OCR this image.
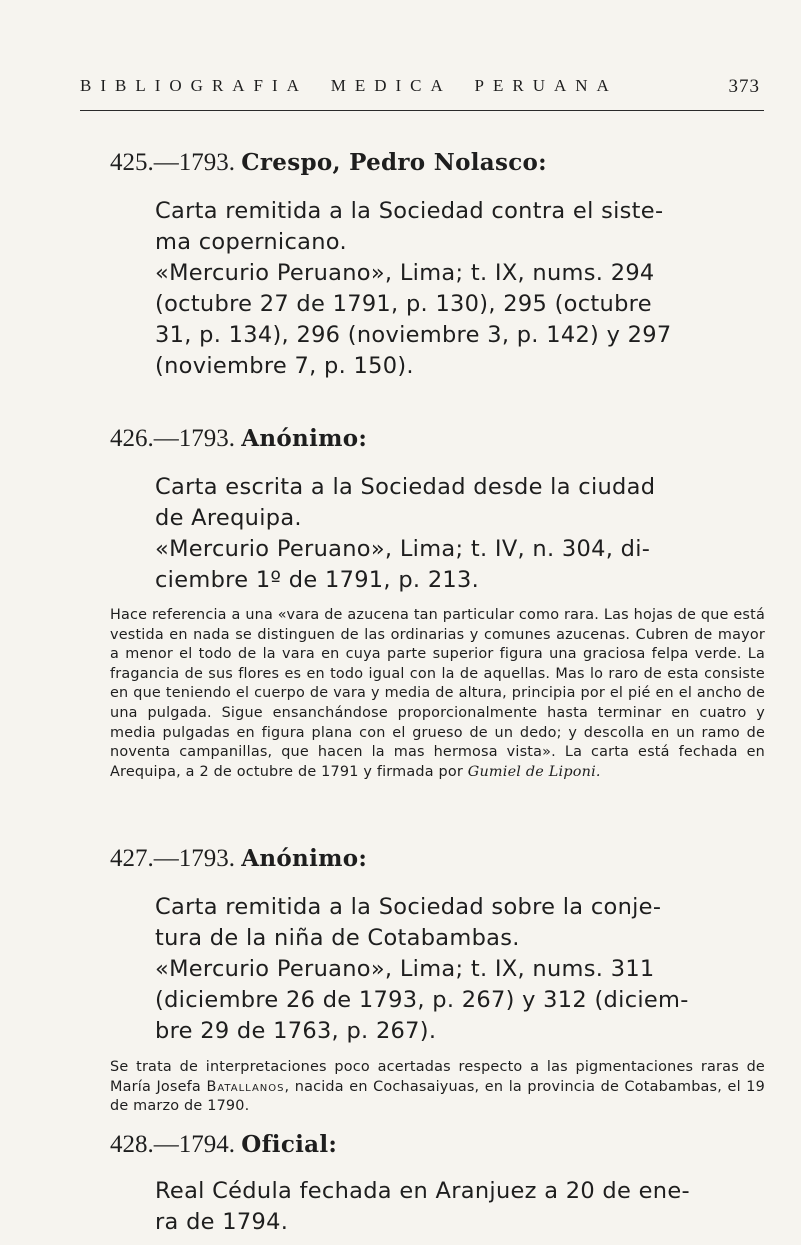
BIBLIOGRAFIA MEDICA PERUANA	373
425.—1793. Crespo, Pedro Nolasco:

Carta remitida a la Sociedad contra el siste-

ma copernicano.

«Mercurio Peruano», Lima; t. IX, nums. 294

(octubre 27 de 1791, p. 130), 295 (octubre

31, p. 134), 296 (noviembre 3, p. 142) y 297

(noviembre 7, p. 150).

426.—1793. Anónimo:

Carta escrita a la Sociedad desde la ciudad

de Arequipa.

«Mercurio Peruano», Lima; t. IV, n. 304, di-

ciembre 1º de 1791, p. 213.

Hace referencia a una «vara de azucena tan particular como rara. Las hojas de que está vestida en nada se distinguen de las ordinarias y comunes azucenas. Cubren de mayor a menor el todo de la vara en cuya parte superior figura una graciosa felpa verde. La fragancia de sus flores es en todo igual con la de aquellas. Mas lo raro de esta consiste en que teniendo el cuerpo de vara y media de altura, principia por el pié en el ancho de una pulgada. Sigue ensanchándose proporcionalmente hasta terminar en cuatro y media pulgadas en figura plana con el grueso de un dedo; y descolla en un ramo de noventa campanillas, que hacen la mas hermosa vista». La carta está fechada en Arequipa, a 2 de octubre de 1791 y firmada por Gumiel de Liponi.

427.—1793. Anónimo:

Carta remitida a la Sociedad sobre la conje-

tura de la niña de Cotabambas.

«Mercurio Peruano», Lima; t. IX, nums. 311

(diciembre 26 de 1793, p. 267) y 312 (diciem-

bre 29 de 1763, p. 267).

Se trata de interpretaciones poco acertadas respecto a las pigmentaciones raras de María Josefa Batallanos, nacida en Cochasaiyuas, en la provincia de Cotabambas, el 19 de marzo de 1790.

428.—1794. Oficial:

Real Cédula fechada en Aranjuez a 20 de ene-

ra de 1794.
